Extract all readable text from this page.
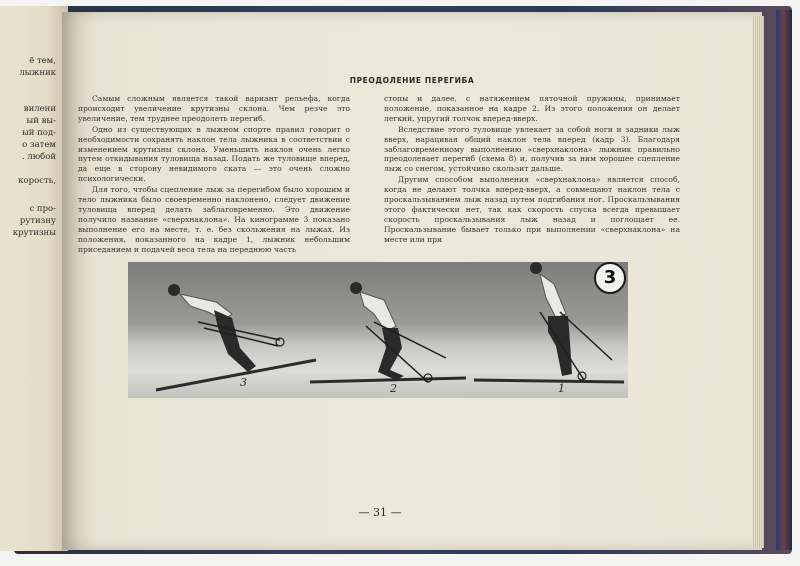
ё тем,
лыжник
вилени
ый вы-
ый под-
о затем
. любой
корость,
с про-
рутизну
крутизны
ПРЕОДОЛЕНИЕ ПЕРЕГИБА

Самым сложным является такой вариант рельефа, когда происходит увеличение крутизны склона. Чем резче это увеличение, тем труднее преодолеть перегиб.

Одно из существующих в лыжном спорте правил говорит о необходимости сохранять наклон тела лыжника в соответствии с изменением крутизны склона. Уменьшить наклон очень легко путем откидывания туловища назад. Подать же туловище вперед, да еще в сторону невидимого ската — это очень сложно психологически.

Для того, чтобы сцепление лыж за перегибом было хорошим и тело лыжника было своевременно наклонено, следует движение туловища вперед делать заблаговременно. Это движение получило название «сверхнаклона». На кинограмме 3 показано выполнение его на месте, т. е. без скольжения на лыжах. Из положения, показанного на кадре 1, лыжник небольшим приседанием и подачей веса тела на переднюю часть

стопы и далее, с натяжением пяточной пружины, принимает положение, показанное на кадре 2. Из этого положения он делает легкий, упругий толчок вперед-вверх.

Вследствие этого туловище увлекает за собой ноги и задники лыж вверх, нарацивая общий наклон тела вперед (кадр 3). Благодаря заблаговременному выполнению «сверхнаклона» лыжник правильно преодолевает перегиб (схема 8) и, получив за ним хорошее сцепление лыж со снегом, устойчиво скользит дальше.

Другим способом выполнения «сверхнаклона» является способ, когда не делают толчка вперед-вверх, а совмещают наклон тела с проскальзыванием лыж назад путем подгибания ног. Проскальзывания этого фактически нет, так как скорость спуска всегда превышает скорость проскальзывания лыж назад и поглощает ее. Проскальзывание бывает только при выполнении «сверхнаклона» на месте или при

3	2	1
3
— 31 —
